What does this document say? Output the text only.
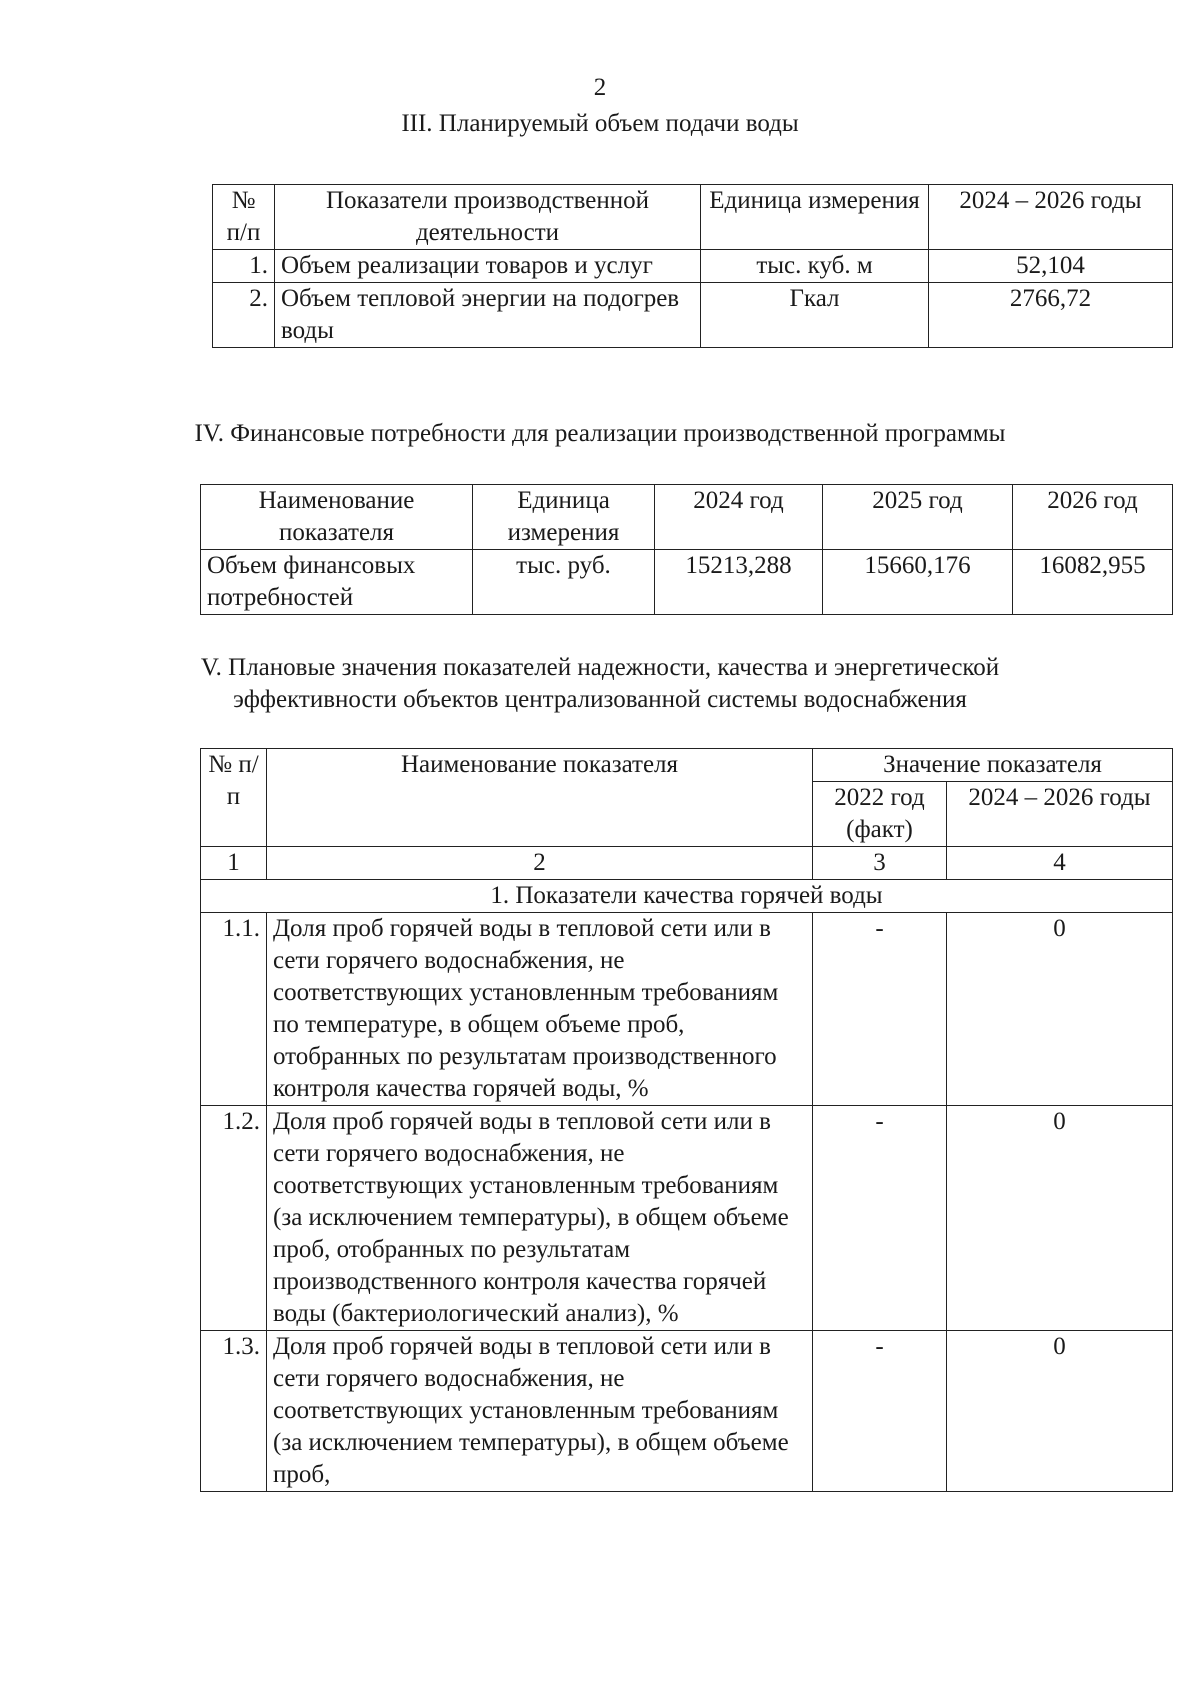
2
III. Планируемый объем подачи воды
№ п/п	Показатели производственной деятельности	Единица измерения	2024 – 2026 годы
1.	Объем реализации товаров и услуг	тыс. куб. м	52,104
2.	Объем тепловой энергии на подогрев воды	Гкал	2766,72
IV. Финансовые потребности для реализации производственной программы
Наименование показателя	Единица измерения	2024 год	2025 год	2026 год
Объем финансовых потребностей	тыс. руб.	15213,288	15660,176	16082,955
V. Плановые значения показателей надежности, качества и энергетической
эффективности объектов централизованной системы водоснабжения
№ п/п	Наименование показателя	Значение показателя	
		2022 год (факт)	2024 – 2026 годы
1	2	3	4
1. Показатели качества горячей воды			
1.1.	Доля проб горячей воды в тепловой сети или в сети горячего водоснабжения, не соответствующих установленным требованиям по температуре, в общем объеме проб, отобранных по результатам производственного контроля качества горячей воды, %	-	0
1.2.	Доля проб горячей воды в тепловой сети или в сети горячего водоснабжения, не соответствующих установленным требованиям (за исключением температуры), в общем объеме проб, отобранных по результатам производственного контроля качества горячей воды (бактериологический анализ), %	-	0
1.3.	Доля проб горячей воды в тепловой сети или в сети горячего водоснабжения, не соответствующих установленным требованиям (за исключением температуры), в общем объеме проб,	-	0
